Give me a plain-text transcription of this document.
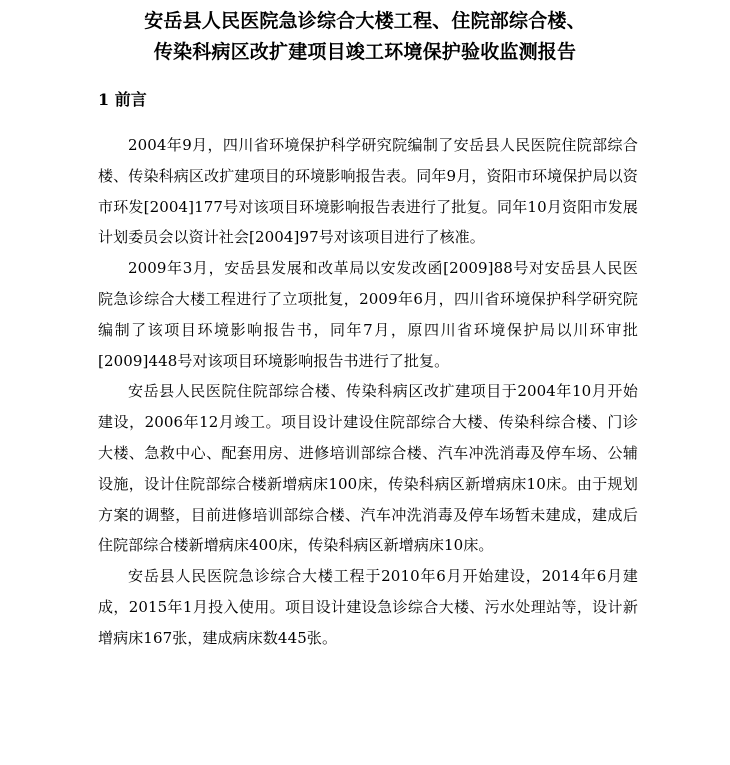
安岳县人民医院急诊综合大楼工程、住院部综合楼、
传染科病区改扩建项目竣工环境保护验收监测报告
1 前言

2004年9月，四川省环境保护科学研究院编制了安岳县人民医院住院部综合楼、传染科病区改扩建项目的环境影响报告表。同年9月，资阳市环境保护局以资市环发[2004]177号对该项目环境影响报告表进行了批复。同年10月资阳市发展计划委员会以资计社会[2004]97号对该项目进行了核准。

2009年3月，安岳县发展和改革局以安发改函[2009]88号对安岳县人民医院急诊综合大楼工程进行了立项批复，2009年6月，四川省环境保护科学研究院编制了该项目环境影响报告书，同年7月，原四川省环境保护局以川环审批[2009]448号对该项目环境影响报告书进行了批复。

安岳县人民医院住院部综合楼、传染科病区改扩建项目于2004年10月开始建设，2006年12月竣工。项目设计建设住院部综合大楼、传染科综合楼、门诊大楼、急救中心、配套用房、进修培训部综合楼、汽车冲洗消毒及停车场、公辅设施，设计住院部综合楼新增病床100床，传染科病区新增病床10床。由于规划方案的调整，目前进修培训部综合楼、汽车冲洗消毒及停车场暂未建成，建成后住院部综合楼新增病床400床，传染科病区新增病床10床。

安岳县人民医院急诊综合大楼工程于2010年6月开始建设，2014年6月建成，2015年1月投入使用。项目设计建设急诊综合大楼、污水处理站等，设计新增病床167张，建成病床数445张。
